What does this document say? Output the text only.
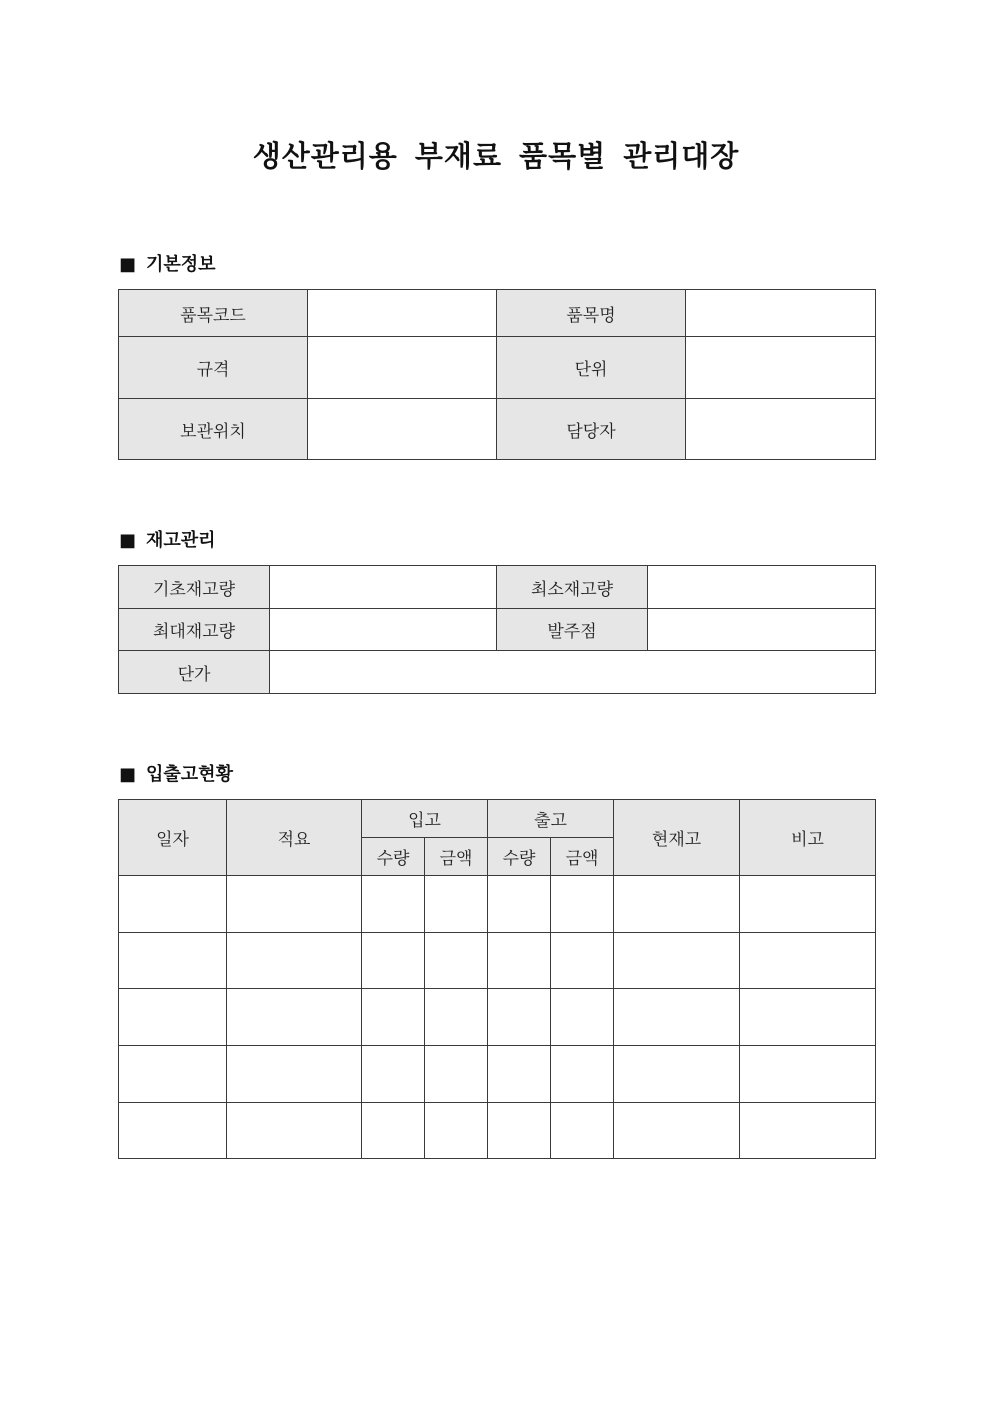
생산관리용 부재료 품목별 관리대장
■ 기본정보
품목코드		품목명	
규격		단위	
보관위치		담당자	
■ 재고관리
기초재고량		최소재고량	
최대재고량		발주점	
단가			
■ 입출고현황
일자	적요	입고		출고		현재고	비고
		수량	금액	수량	금액		
